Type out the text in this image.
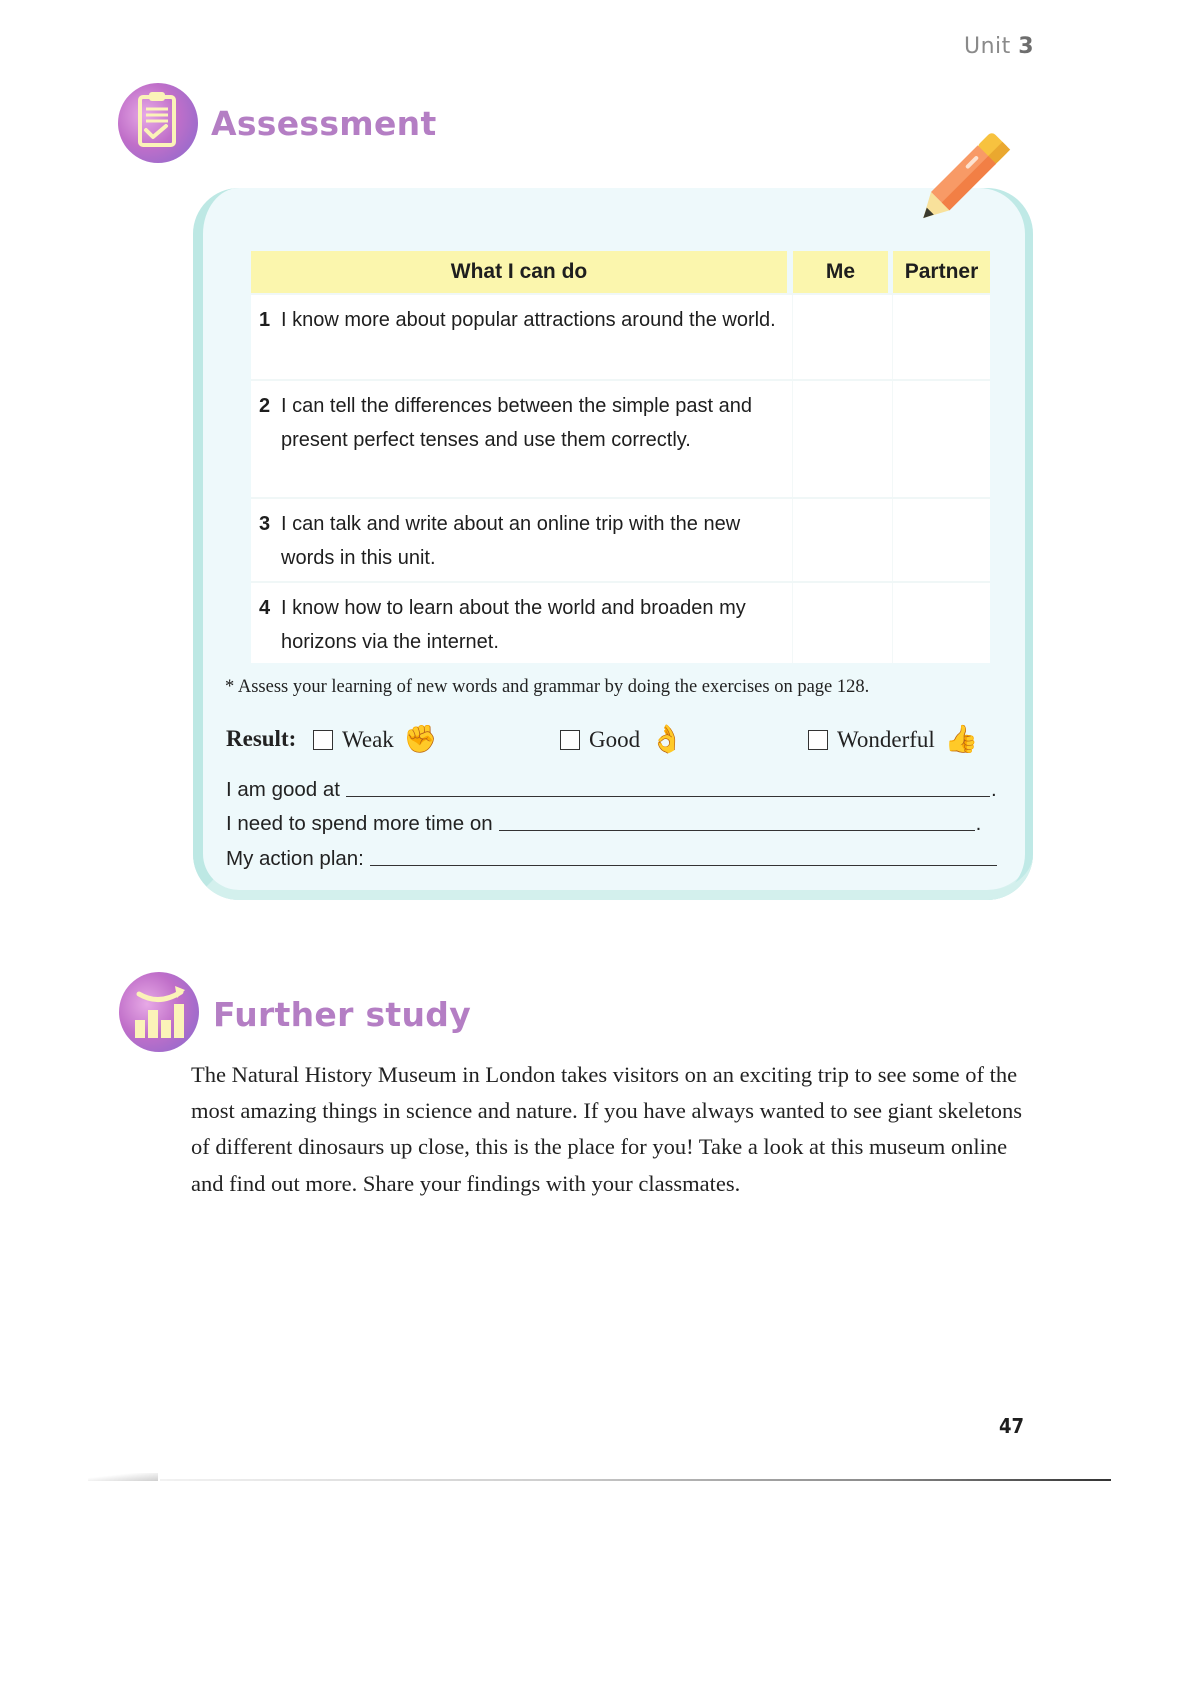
Unit 3
Assessment
What I can do	Me	Partner
1 I know more about popular attractions around the world.
2 I can tell the differences between the simple past and present perfect tenses and use them correctly.
3 I can talk and write about an online trip with the new words in this unit.
4 I know how to learn about the world and broaden my horizons via the internet.
* Assess your learning of new words and grammar by doing the exercises on page 128.
Result: Weak ✊	Good 👌	Wonderful 👍
I am good at	.
I need to spend more time on	.
My action plan:
Further study
The Natural History Museum in London takes visitors on an exciting trip to see some of the most amazing things in science and nature. If you have always wanted to see giant skeletons of different dinosaurs up close, this is the place for you! Take a look at this museum online and find out more. Share your findings with your classmates.
47
